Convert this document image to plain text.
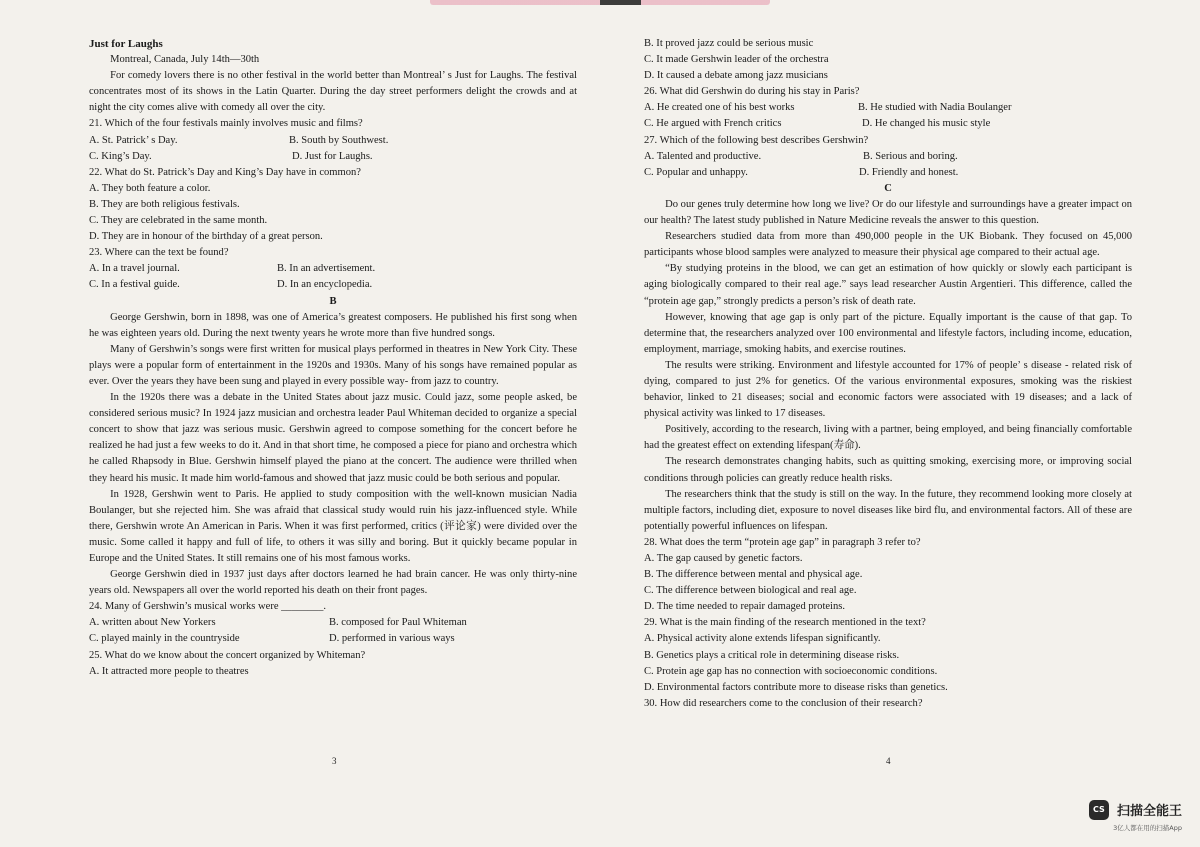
Just for Laughs

Montreal, Canada, July 14th—30th

For comedy lovers there is no other festival in the world better than Montreal’ s Just for Laughs. The festival concentrates most of its shows in the Latin Quarter. During the day street performers delight the crowds and at night the city comes alive with comedy all over the city.

21. Which of the four festivals mainly involves music and films?

A. St. Patrick’ s Day.	B. South by Southwest.
C. King’s Day.	D. Just for Laughs.

22. What do St. Patrick’s Day and King’s Day have in common?

A. They both feature a color.

B. They are both religious festivals.

C. They are celebrated in the same month.

D. They are in honour of the birthday of a great person.

23. Where can the text be found?

A. In a travel journal.	B. In an advertisement.
C. In a festival guide.	D. In an encyclopedia.

B

George Gershwin, born in 1898, was one of America’s greatest composers. He published his first song when he was eighteen years old. During the next twenty years he wrote more than five hundred songs.

Many of Gershwin’s songs were first written for musical plays performed in theatres in New York City. These plays were a popular form of entertainment in the 1920s and 1930s. Many of his songs have remained popular as ever. Over the years they have been sung and played in every possible way- from jazz to country.

In the 1920s there was a debate in the United States about jazz music. Could jazz, some people asked, be considered serious music? In 1924 jazz musician and orchestra leader Paul Whiteman decided to organize a special concert to show that jazz was serious music. Gershwin agreed to compose something for the concert before he realized he had just a few weeks to do it. And in that short time, he composed a piece for piano and orchestra which he called Rhapsody in Blue. Gershwin himself played the piano at the concert. The audience were thrilled when they heard his music. It made him world-famous and showed that jazz music could be both serious and popular.

In 1928, Gershwin went to Paris. He applied to study composition with the well-known musician Nadia Boulanger, but she rejected him. She was afraid that classical study would ruin his jazz-influenced style. While there, Gershwin wrote An American in Paris. When it was first performed, critics (评论家) were divided over the music. Some called it happy and full of life, to others it was silly and boring. But it quickly became popular in Europe and the United States. It still remains one of his most famous works.

George Gershwin died in 1937 just days after doctors learned he had brain cancer. He was only thirty-nine years old. Newspapers all over the world reported his death on their front pages.

24. Many of Gershwin’s musical works were ________.

A. written about New Yorkers	B. composed for Paul Whiteman
C. played mainly in the countryside	D. performed in various ways

25. What do we know about the concert organized by Whiteman?

A. It attracted more people to theatres

3

B. It proved jazz could be serious music

C. It made Gershwin leader of the orchestra

D. It caused a debate among jazz musicians

26. What did Gershwin do during his stay in Paris?

A. He created one of his best works	B. He studied with Nadia Boulanger
C. He argued with French critics	D. He changed his music style

27. Which of the following best describes Gershwin?

A. Talented and productive.	B. Serious and boring.
C. Popular and unhappy.	D. Friendly and honest.

C

Do our genes truly determine how long we live? Or do our lifestyle and surroundings have a greater impact on our health? The latest study published in Nature Medicine reveals the answer to this question.

Researchers studied data from more than 490,000 people in the UK Biobank. They focused on 45,000 participants whose blood samples were analyzed to measure their physical age compared to their actual age.

“By studying proteins in the blood, we can get an estimation of how quickly or slowly each participant is aging biologically compared to their real age.” says lead researcher Austin Argentieri. This difference, called the “protein age gap,” strongly predicts a person’s risk of death rate.

However, knowing that age gap is only part of the picture. Equally important is the cause of that gap. To determine that, the researchers analyzed over 100 environmental and lifestyle factors, including income, education, employment, marriage, smoking habits, and exercise routines.

The results were striking. Environment and lifestyle accounted for 17% of people’ s disease - related risk of dying, compared to just 2% for genetics. Of the various environmental exposures, smoking was the riskiest behavior, linked to 21 diseases; social and economic factors were associated with 19 diseases; and a lack of physical activity was linked to 17 diseases.

Positively, according to the research, living with a partner, being employed, and being financially comfortable had the greatest effect on extending lifespan(寿命).

The research demonstrates changing habits, such as quitting smoking, exercising more, or improving social conditions through policies can greatly reduce health risks.

The researchers think that the study is still on the way. In the future, they recommend looking more closely at multiple factors, including diet, exposure to novel diseases like bird flu, and environmental factors. All of these are potentially powerful influences on lifespan.

28. What does the term “protein age gap” in paragraph 3 refer to?

A. The gap caused by genetic factors.

B. The difference between mental and physical age.

C. The difference between biological and real age.

D. The time needed to repair damaged proteins.

29. What is the main finding of the research mentioned in the text?

A. Physical activity alone extends lifespan significantly.

B. Genetics plays a critical role in determining disease risks.

C. Protein age gap has no connection with socioeconomic conditions.

D. Environmental factors contribute more to disease risks than genetics.

30. How did researchers come to the conclusion of their research?

4
CS 扫描全能王
3亿人都在用的扫描App
